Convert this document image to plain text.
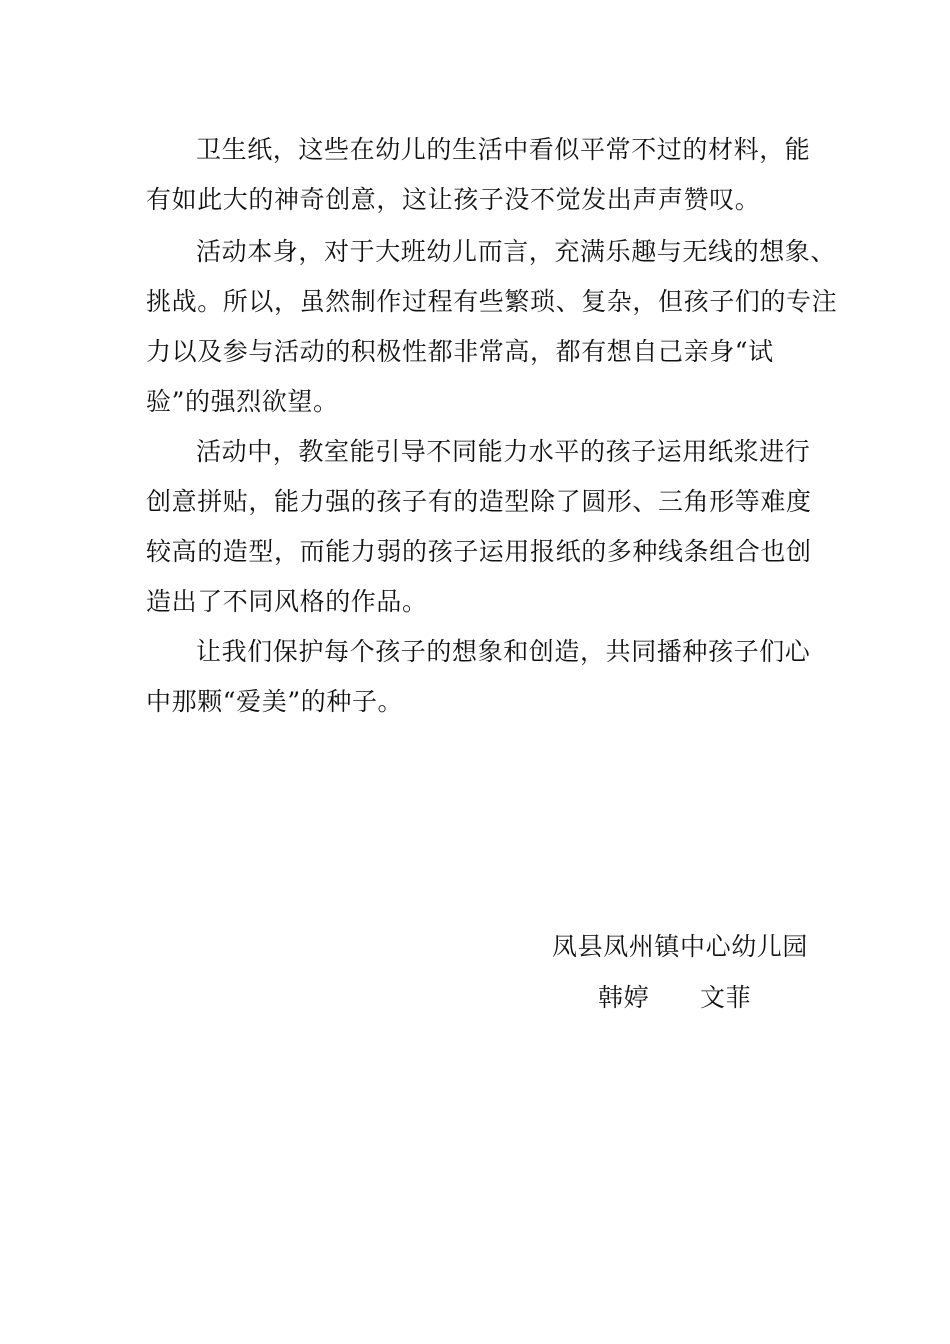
卫生纸，这些在幼儿的生活中看似平常不过的材料，能
有如此大的神奇创意，这让孩子没不觉发出声声赞叹。
活动本身，对于大班幼儿而言，充满乐趣与无线的想象、
挑战。所以，虽然制作过程有些繁琐、复杂，但孩子们的专注
力以及参与活动的积极性都非常高，都有想自己亲身“试
验”的强烈欲望。
活动中，教室能引导不同能力水平的孩子运用纸浆进行
创意拼贴，能力强的孩子有的造型除了圆形、三角形等难度
较高的造型，而能力弱的孩子运用报纸的多种线条组合也创
造出了不同风格的作品。
让我们保护每个孩子的想象和创造，共同播种孩子们心
中那颗“爱美”的种子。
凤县凤州镇中心幼儿园
韩婷 文菲
